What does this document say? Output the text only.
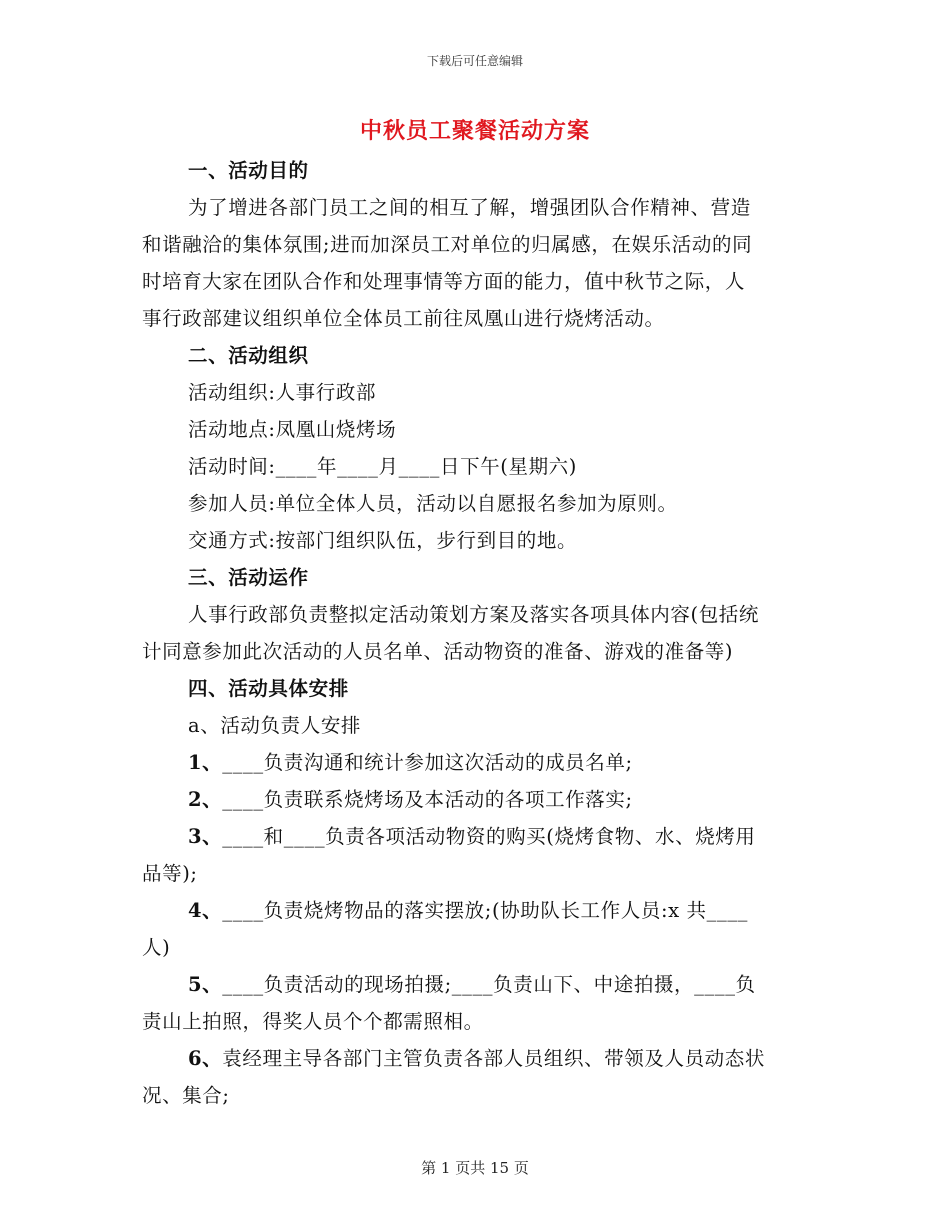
下载后可任意编辑
中秋员工聚餐活动方案
一、活动目的
为了增进各部门员工之间的相互了解，增强团队合作精神、营造
和谐融洽的集体氛围;进而加深员工对单位的归属感，在娱乐活动的同
时培育大家在团队合作和处理事情等方面的能力，值中秋节之际，人
事行政部建议组织单位全体员工前往凤凰山进行烧烤活动。
二、活动组织
活动组织:人事行政部
活动地点:凤凰山烧烤场
活动时间:____年____月____日下午(星期六)
参加人员:单位全体人员，活动以自愿报名参加为原则。
交通方式:按部门组织队伍，步行到目的地。
三、活动运作
人事行政部负责整拟定活动策划方案及落实各项具体内容(包括统
计同意参加此次活动的人员名单、活动物资的准备、游戏的准备等)
四、活动具体安排
a、活动负责人安排
1、____负责沟通和统计参加这次活动的成员名单;
2、____负责联系烧烤场及本活动的各项工作落实;
3、____和____负责各项活动物资的购买(烧烤食物、水、烧烤用
品等);
4、____负责烧烤物品的落实摆放;(协助队长工作人员:x 共____
人)
5、____负责活动的现场拍摄;____负责山下、中途拍摄，____负
责山上拍照，得奖人员个个都需照相。
6、袁经理主导各部门主管负责各部人员组织、带领及人员动态状
况、集合;
第 1 页共 15 页
